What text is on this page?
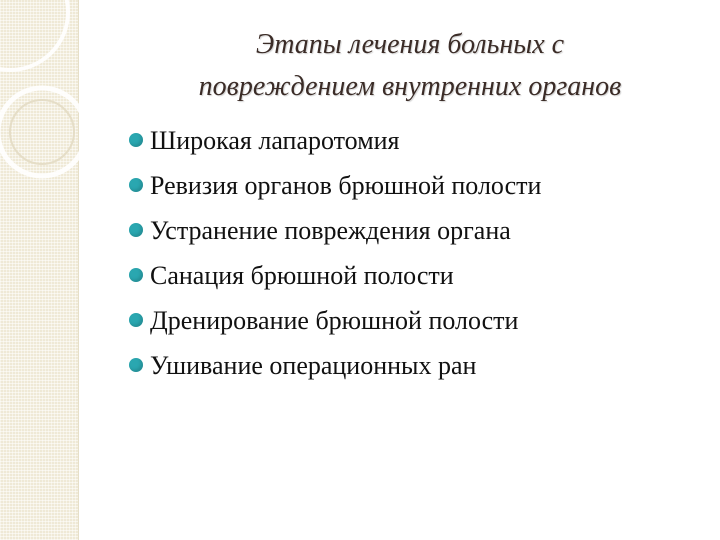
Этапы лечения больных с
повреждением внутренних органов
Широкая лапаротомия
Ревизия органов брюшной полости
Устранение повреждения органа
Санация брюшной полости
Дренирование брюшной полости
Ушивание операционных ран
